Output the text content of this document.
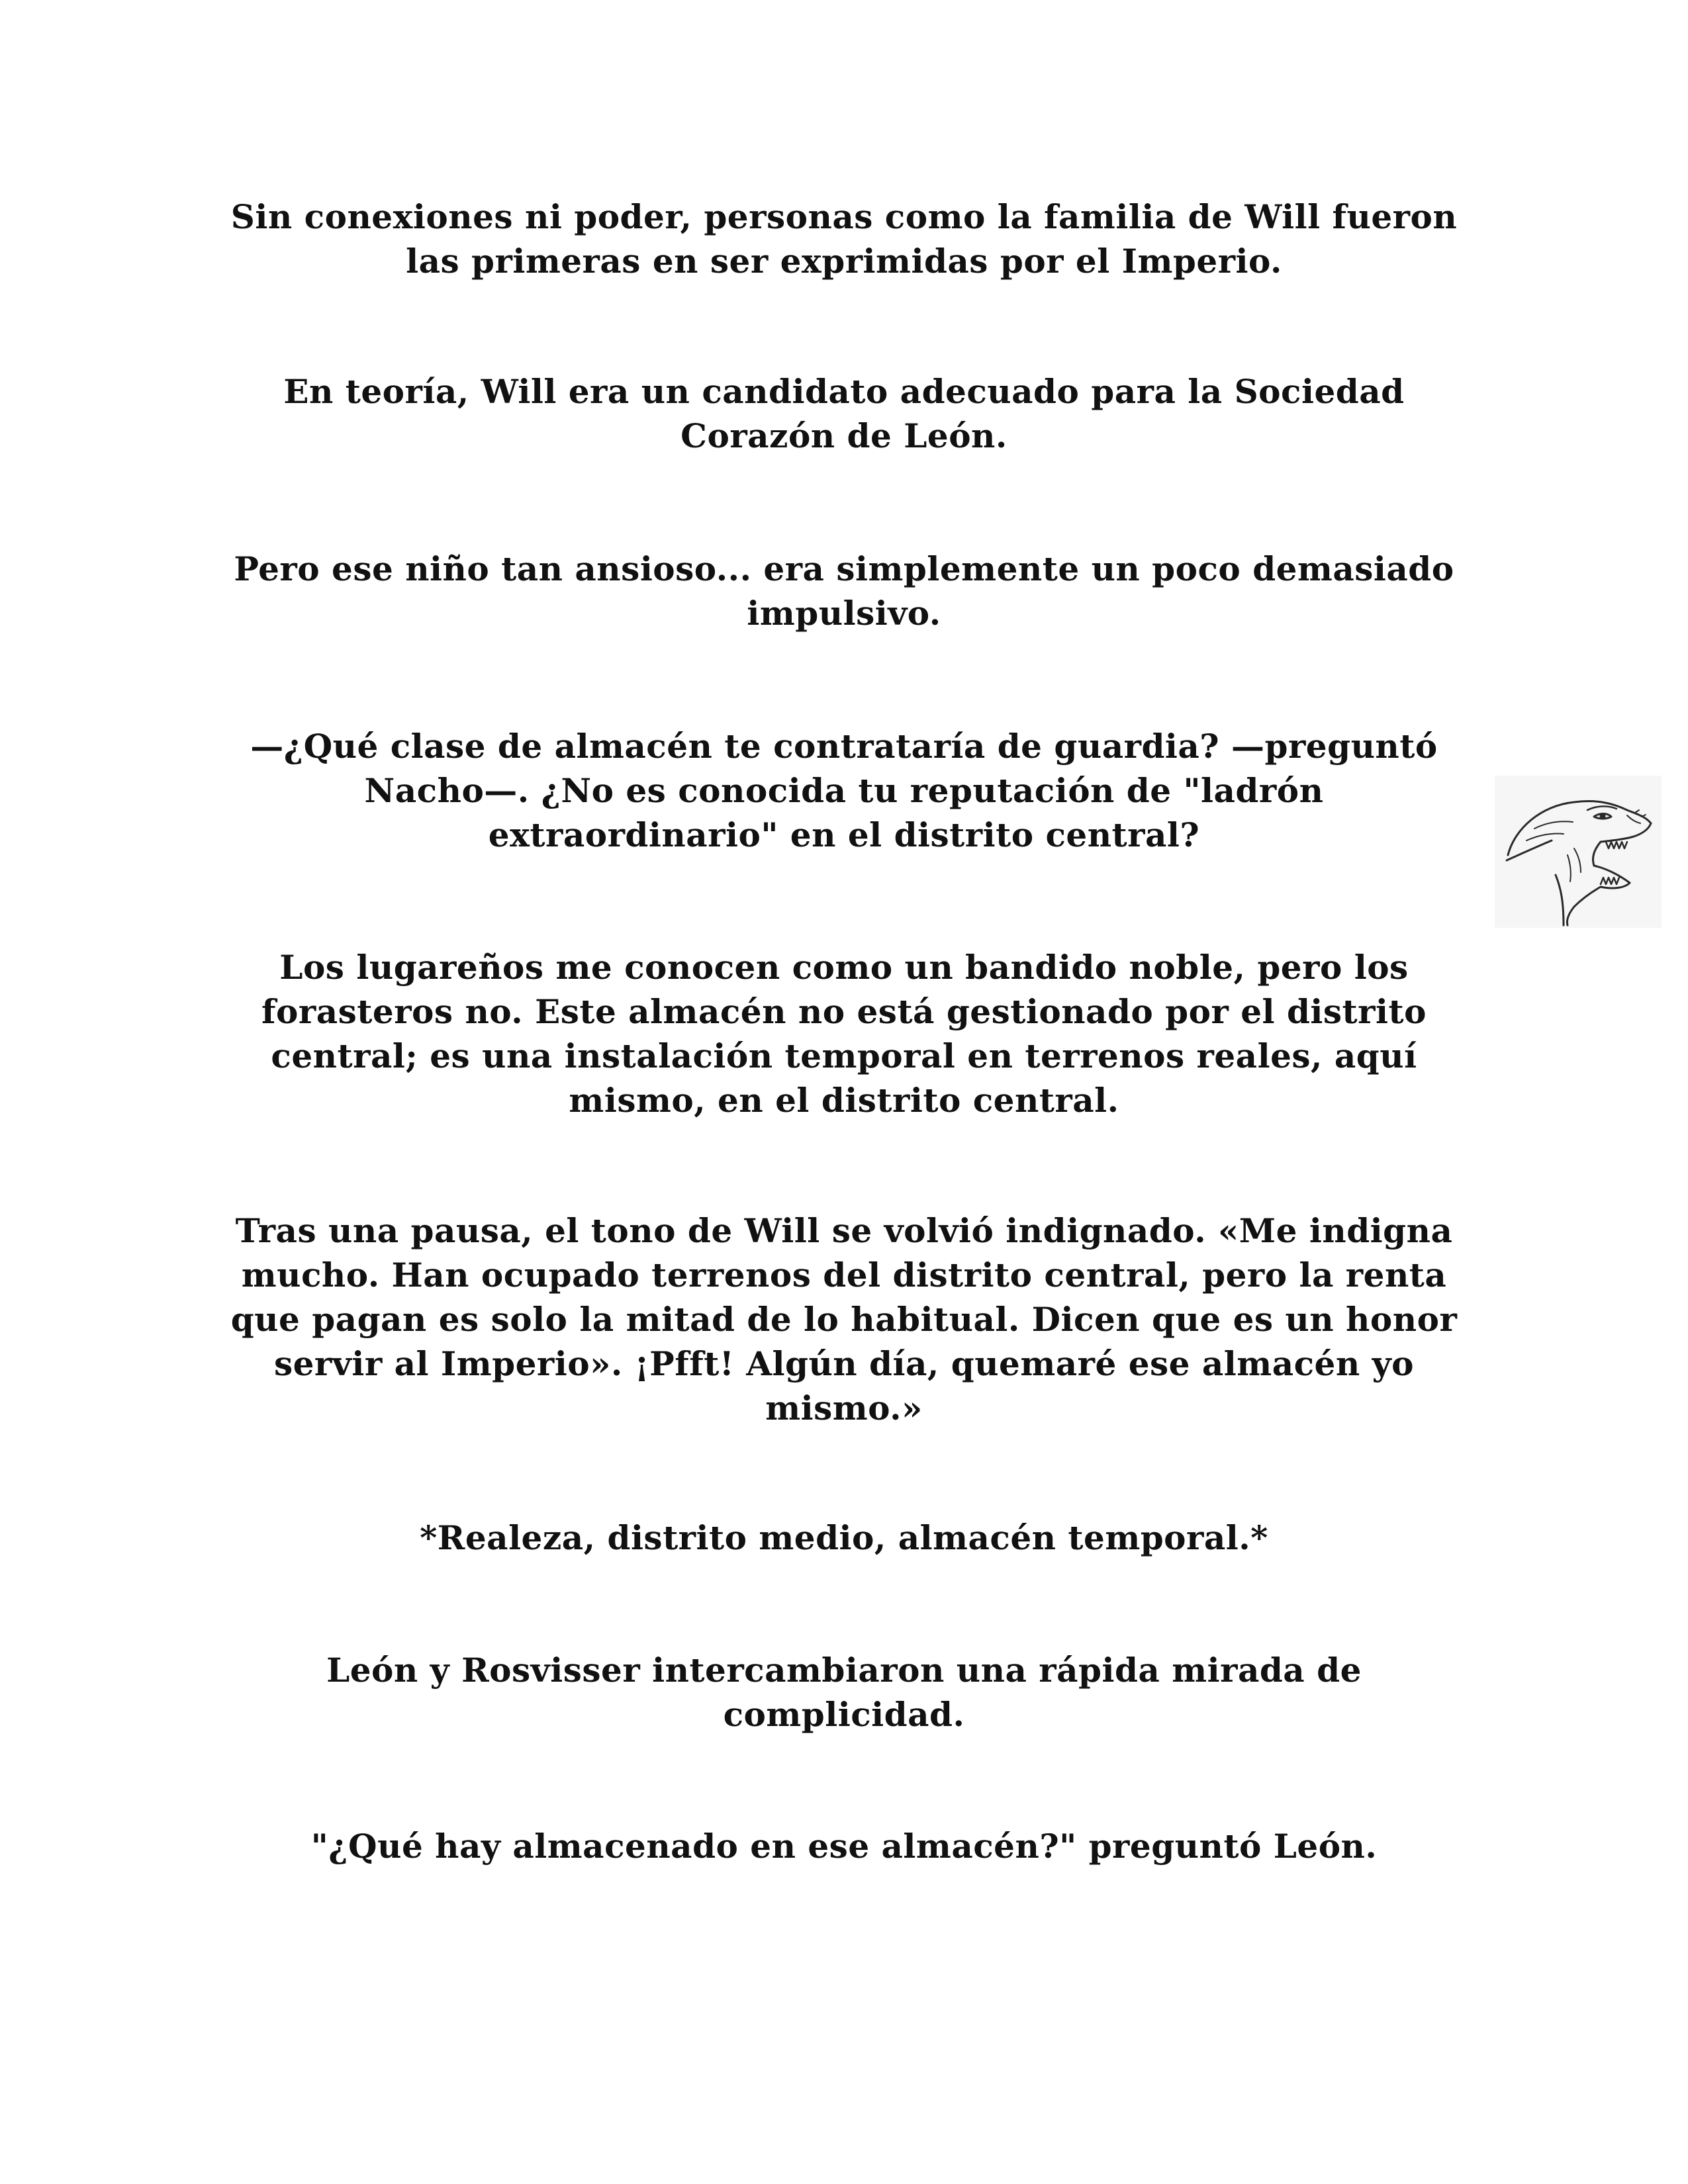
Sin conexiones ni poder, personas como la familia de Will fueron las primeras en ser exprimidas por el Imperio.

En teoría, Will era un candidato adecuado para la Sociedad Corazón de León.

Pero ese niño tan ansioso... era simplemente un poco demasiado impulsivo.

—¿Qué clase de almacén te contrataría de guardia? —preguntó Nacho—. ¿No es conocida tu reputación de "ladrón extraordinario" en el distrito central?

Los lugareños me conocen como un bandido noble, pero los forasteros no. Este almacén no está gestionado por el distrito central; es una instalación temporal en terrenos reales, aquí mismo, en el distrito central.

Tras una pausa, el tono de Will se volvió indignado. «Me indigna mucho. Han ocupado terrenos del distrito central, pero la renta que pagan es solo la mitad de lo habitual. Dicen que es un honor servir al Imperio». ¡Pfft! Algún día, quemaré ese almacén yo mismo.»

*Realeza, distrito medio, almacén temporal.*

León y Rosvisser intercambiaron una rápida mirada de complicidad.

"¿Qué hay almacenado en ese almacén?" preguntó León.
